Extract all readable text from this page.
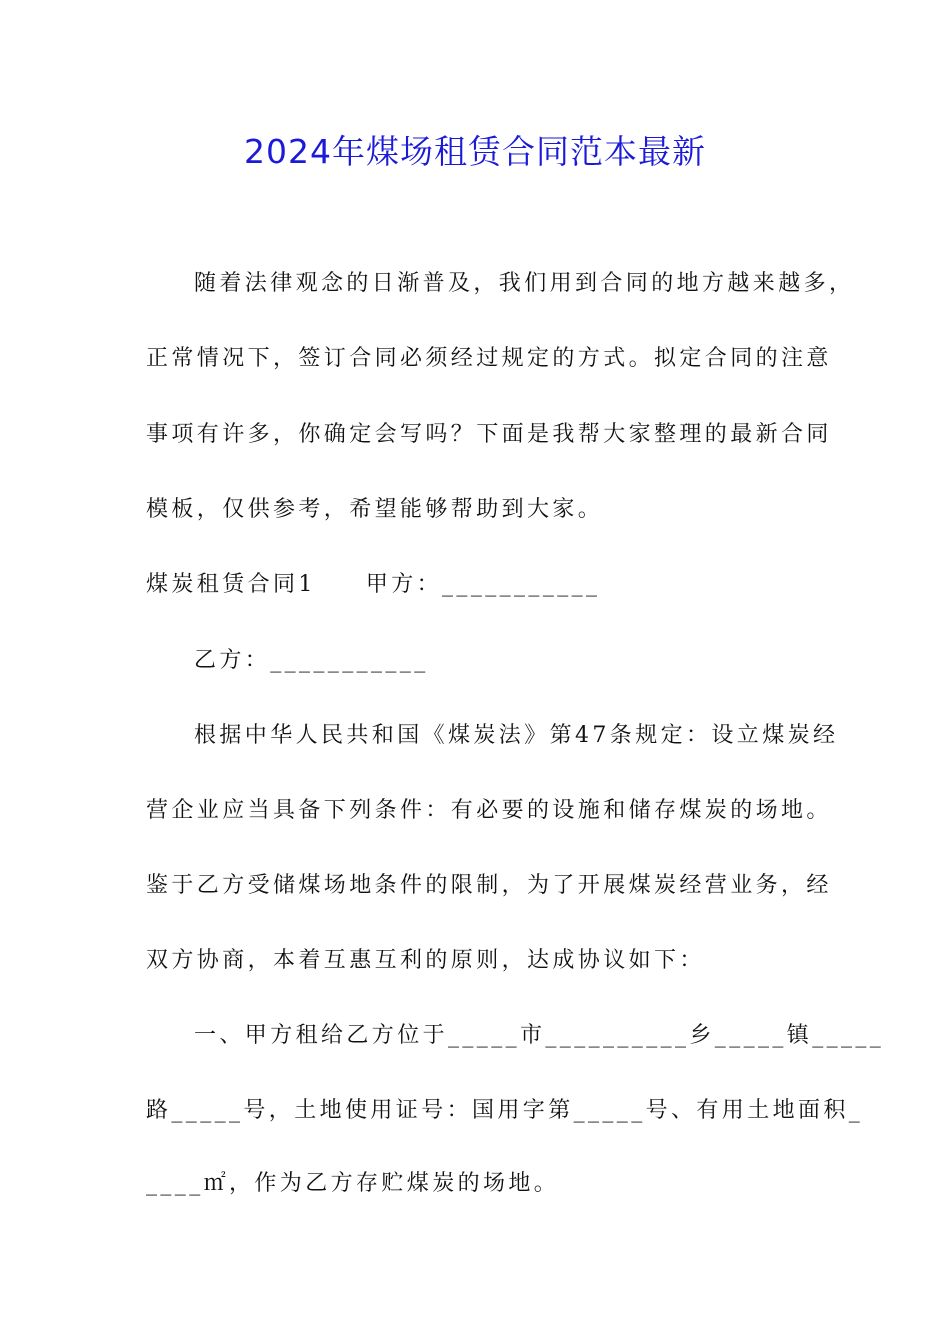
2024年煤场租赁合同范本最新
随着法律观念的日渐普及，我们用到合同的地方越来越多，
正常情况下，签订合同必须经过规定的方式。拟定合同的注意
事项有许多，你确定会写吗？下面是我帮大家整理的最新合同
模板，仅供参考，希望能够帮助到大家。
煤炭租赁合同1 甲方：___________
乙方：___________
根据中华人民共和国《煤炭法》第47条规定：设立煤炭经
营企业应当具备下列条件：有必要的设施和储存煤炭的场地。
鉴于乙方受储煤场地条件的限制，为了开展煤炭经营业务，经
双方协商，本着互惠互利的原则，达成协议如下：
一、甲方租给乙方位于_____市__________乡_____镇_____
路_____号，土地使用证号：国用字第_____号、有用土地面积_
____㎡，作为乙方存贮煤炭的场地。
